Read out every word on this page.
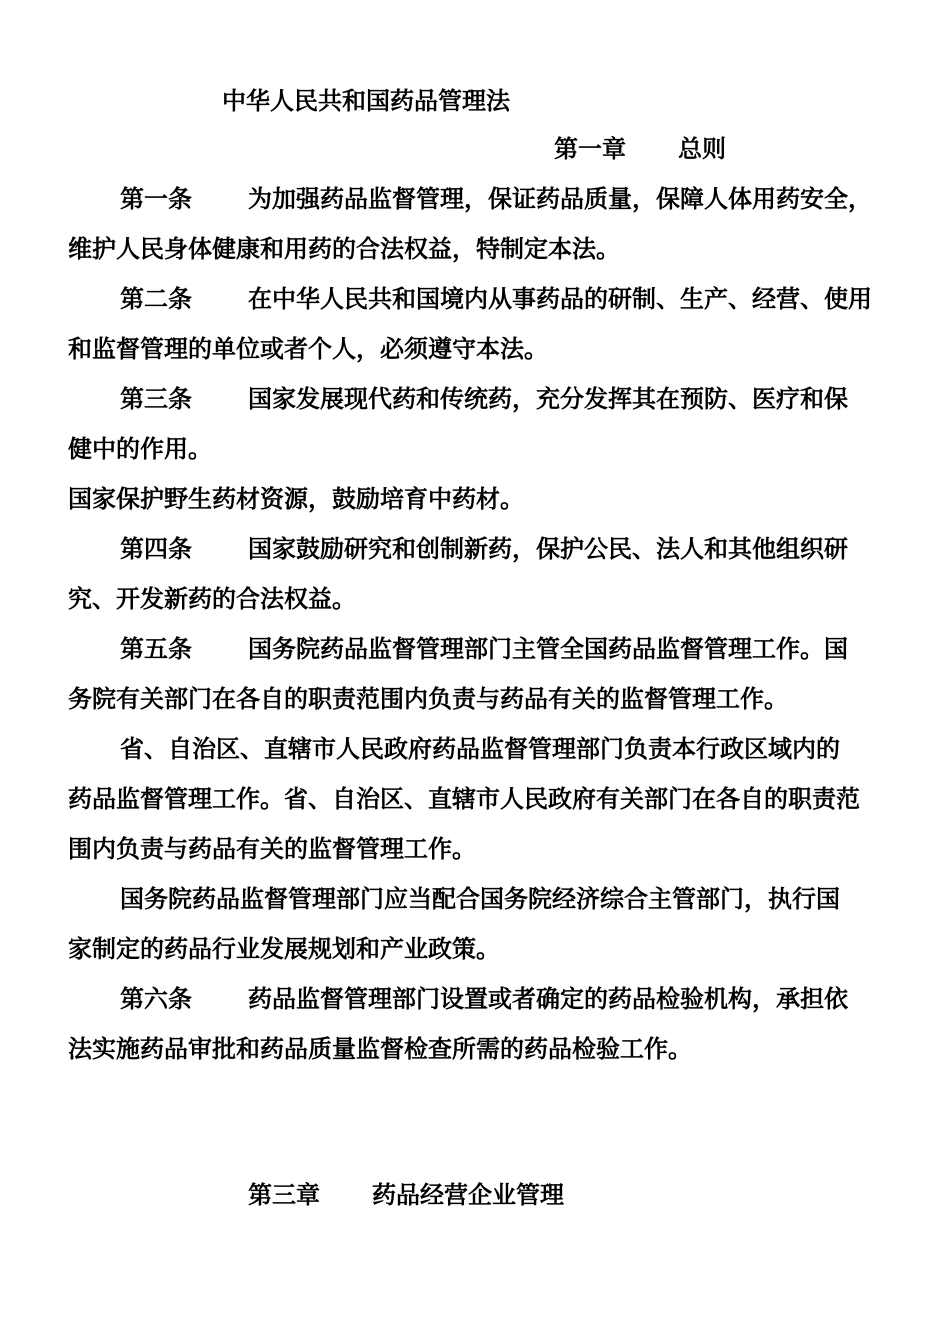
中华人民共和国药品管理法
第一章 总则
第一条 为加强药品监督管理，保证药品质量，保障人体用药安全，
维护人民身体健康和用药的合法权益，特制定本法。
第二条 在中华人民共和国境内从事药品的研制、生产、经营、使用
和监督管理的单位或者个人，必须遵守本法。
第三条 国家发展现代药和传统药，充分发挥其在预防、医疗和保
健中的作用。
国家保护野生药材资源，鼓励培育中药材。
第四条 国家鼓励研究和创制新药，保护公民、法人和其他组织研
究、开发新药的合法权益。
第五条 国务院药品监督管理部门主管全国药品监督管理工作。国
务院有关部门在各自的职责范围内负责与药品有关的监督管理工作。
省、自治区、直辖市人民政府药品监督管理部门负责本行政区域内的
药品监督管理工作。省、自治区、直辖市人民政府有关部门在各自的职责范
围内负责与药品有关的监督管理工作。
国务院药品监督管理部门应当配合国务院经济综合主管部门，执行国
家制定的药品行业发展规划和产业政策。
第六条 药品监督管理部门设置或者确定的药品检验机构，承担依
法实施药品审批和药品质量监督检查所需的药品检验工作。
第三章 药品经营企业管理
